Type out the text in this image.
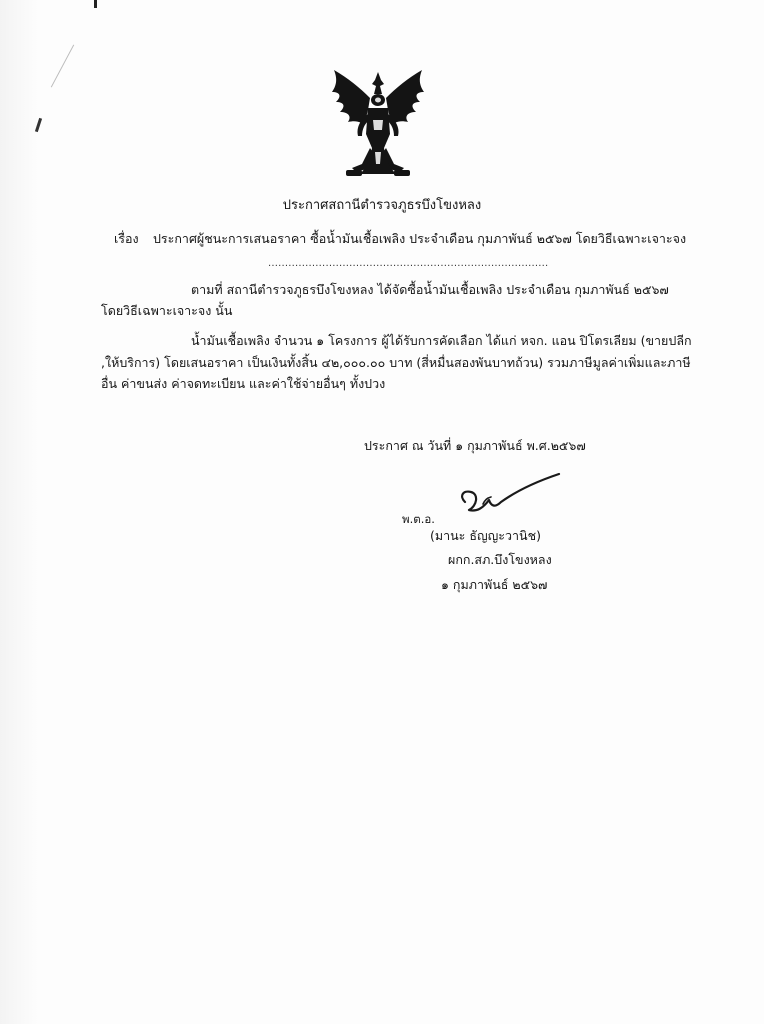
ประกาศสถานีตำรวจภูธรบึงโขงหลง
เรื่อง ประกาศผู้ชนะการเสนอราคา ซื้อน้ำมันเชื้อเพลิง ประจำเดือน กุมภาพันธ์ ๒๕๖๗ โดยวิธีเฉพาะเจาะจง
...................................................................................
ตามที่ สถานีตำรวจภูธรบึงโขงหลง ได้จัดซื้อน้ำมันเชื้อเพลิง ประจำเดือน กุมภาพันธ์ ๒๕๖๗
โดยวิธีเฉพาะเจาะจง นั้น
น้ำมันเชื้อเพลิง จำนวน ๑ โครงการ ผู้ได้รับการคัดเลือก ได้แก่ หจก. แอน ปิโตรเลียม (ขายปลีก
,ให้บริการ) โดยเสนอราคา เป็นเงินทั้งสิ้น ๔๒,๐๐๐.๐๐ บาท (สี่หมื่นสองพันบาทถ้วน) รวมภาษีมูลค่าเพิ่มและภาษี
อื่น ค่าขนส่ง ค่าจดทะเบียน และค่าใช้จ่ายอื่นๆ ทั้งปวง
ประกาศ ณ วันที่ ๑ กุมภาพันธ์ พ.ศ.๒๕๖๗
พ.ต.อ.
(มานะ ธัญญะวานิช)
ผกก.สภ.บึงโขงหลง
๑ กุมภาพันธ์ ๒๕๖๗
